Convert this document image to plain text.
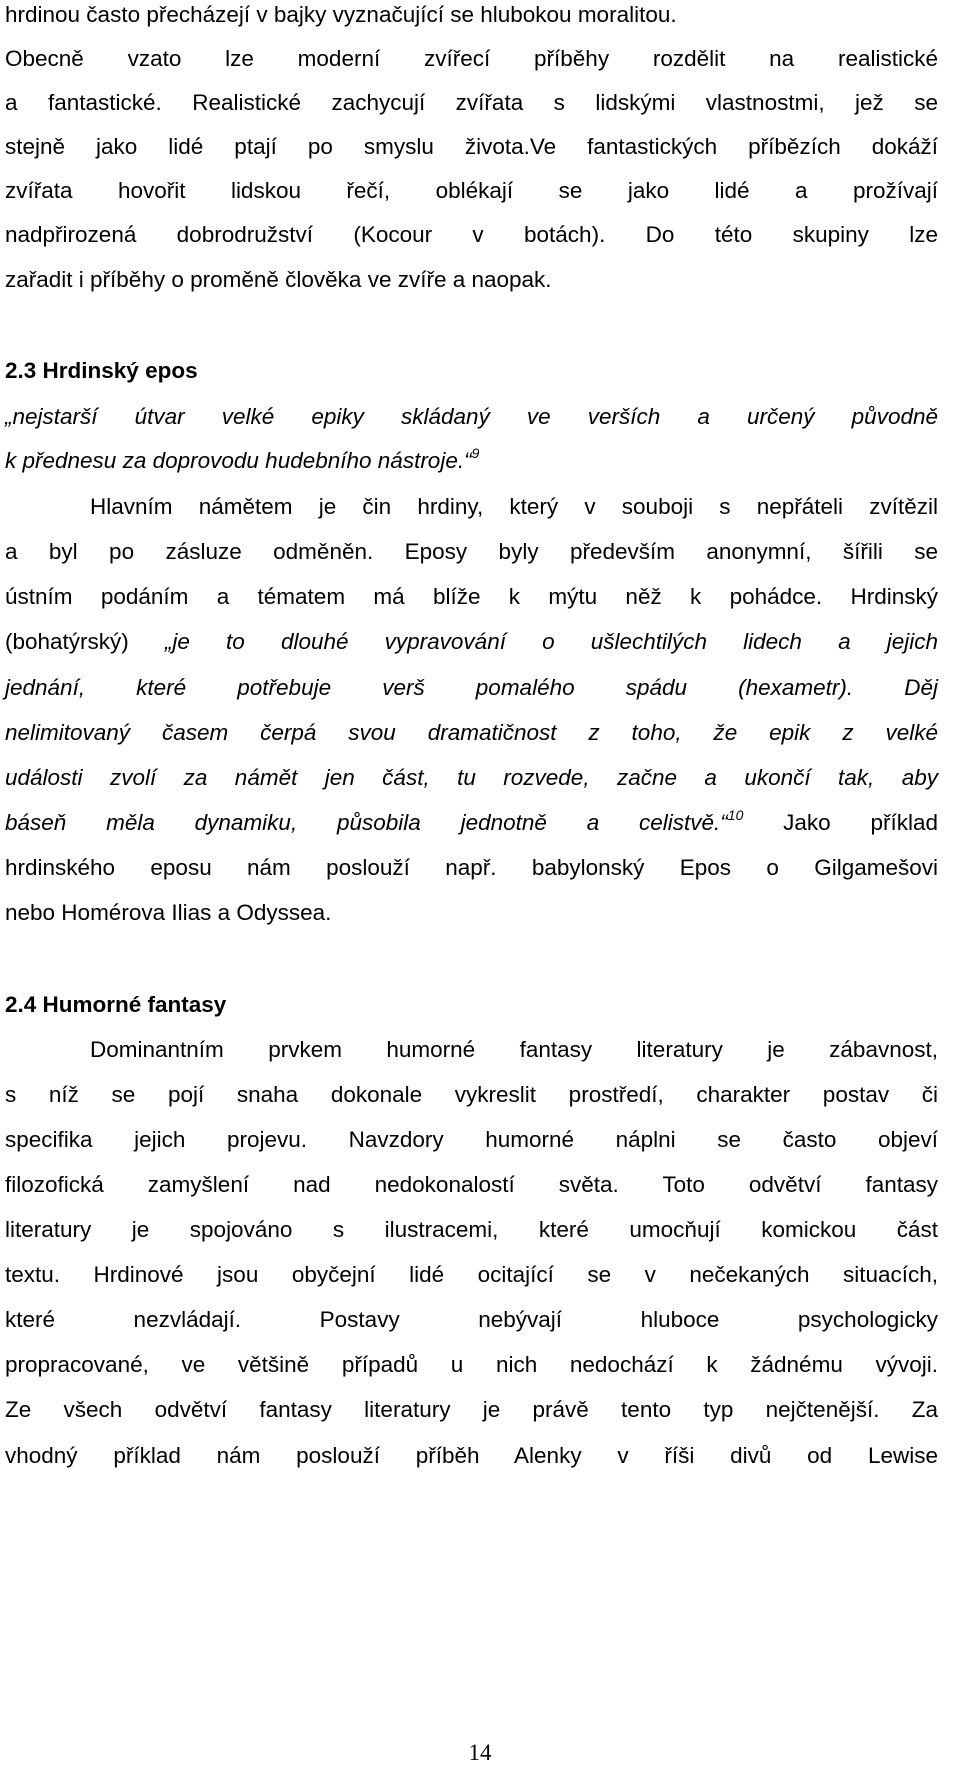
hrdinou často přecházejí v bajky vyznačující se hlubokou moralitou.
Obecně vzato lze moderní zvířecí příběhy rozdělit na realistické
a fantastické. Realistické zachycují zvířata s lidskými vlastnostmi, jež se
stejně jako lidé ptají po smyslu života.Ve fantastických příbězích dokáží
zvířata hovořit lidskou řečí, oblékají se jako lidé a prožívají
nadpřirozená dobrodružství (Kocour v botách). Do této skupiny lze
zařadit i příběhy o proměně člověka ve zvíře a naopak.
2.3 Hrdinský epos
„nejstarší útvar velké epiky skládaný ve verších a určený původně
k přednesu za doprovodu hudebního nástroje.“$^9$
Hlavním námětem je čin hrdiny, který v souboji s nepřáteli zvítězil
a byl po zásluze odměněn. Eposy byly především anonymní, šířili se
ústním podáním a tématem má blíže k mýtu něž k pohádce. Hrdinský
(bohatýrský) „je to dlouhé vypravování o ušlechtilých lidech a jejich
jednání, které potřebuje verš pomalého spádu (hexametr). Děj
nelimitovaný časem čerpá svou dramatičnost z toho, že epik z velké
události zvolí za námět jen část, tu rozvede, začne a ukončí tak, aby
báseň měla dynamiku, působila jednotně a celistvě.“$^{10}$ Jako příklad
hrdinského eposu nám poslouží např. babylonský Epos o Gilgamešovi
nebo Homérova Ilias a Odyssea.
2.4 Humorné fantasy
Dominantním prvkem humorné fantasy literatury je zábavnost,
s níž se pojí snaha dokonale vykreslit prostředí, charakter postav či
specifika jejich projevu. Navzdory humorné náplni se často objeví
filozofická zamyšlení nad nedokonalostí světa. Toto odvětví fantasy
literatury je spojováno s ilustracemi, které umocňují komickou část
textu. Hrdinové jsou obyčejní lidé ocitající se v nečekaných situacích,
které nezvládají. Postavy nebývají hluboce psychologicky
propracované, ve většině případů u nich nedochází k žádnému vývoji.
Ze všech odvětví fantasy literatury je právě tento typ nejčtenější. Za
vhodný příklad nám poslouží příběh Alenky v říši divů od Lewise
14
